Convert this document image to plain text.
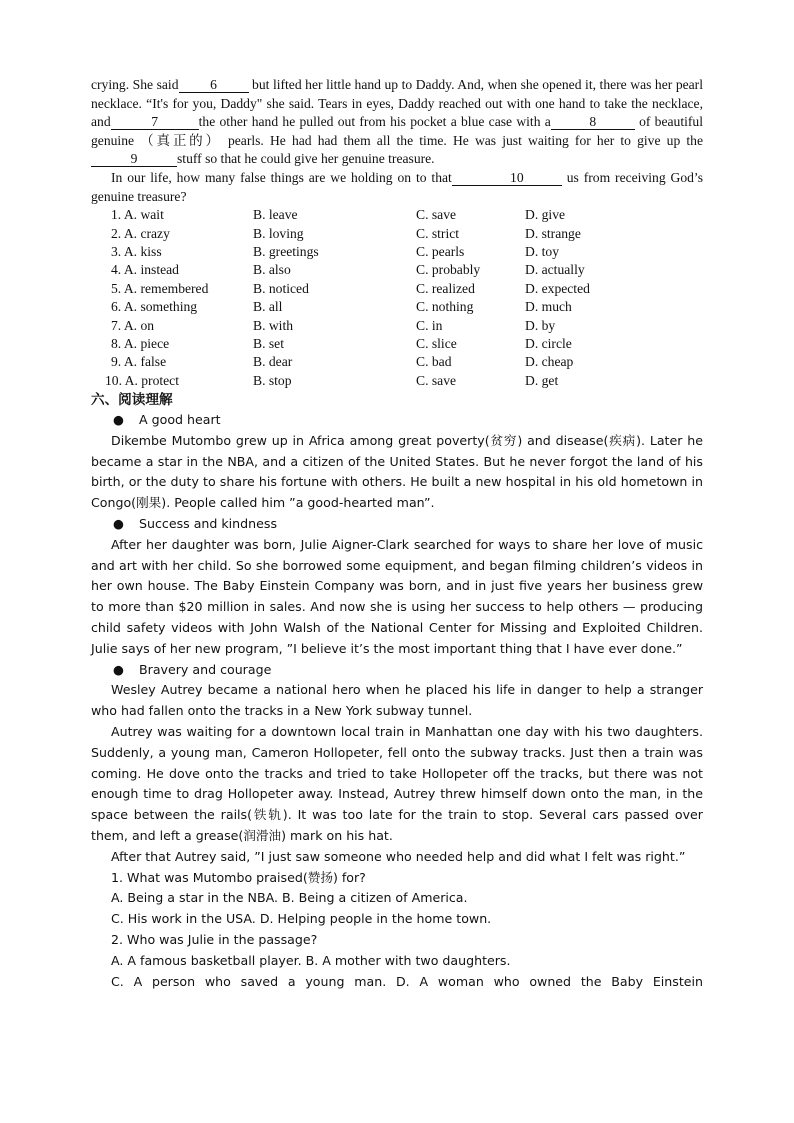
crying. She said 6	but lifted her little hand up to Daddy. And, when she opened it, there was her pearl necklace. “It's for you, Daddy" she said. Tears in eyes, Daddy reached out with one hand to take the necklace, and	7	the other hand he pulled out from his pocket a blue case with a	8	of beautiful genuine （真正的） pearls. He had had them all the time. He was just waiting for her to give up the9	stuff so that he could give her genuine treasure.
In our life, how many false things are we holding on to that	10	us from receiving God’s genuine treasure?
1. A. wait	B. leave	C. save	D. give
2. A. crazy	B. loving	C. strict	D. strange
3. A. kiss	B. greetings	C. pearls	D. toy
4. A. instead	B. also	C. probably	D. actually
5. A. remembered	B. noticed	C. realized	D. expected
6. A. something	B. all	C. nothing	D. much
7. A. on	B. with	C. in	D. by
8. A. piece	B. set	C. slice	D. circle
9. A. false	B. dear	C. bad	D. cheap
10. A. protect	B. stop	C. save	D. get
六、阅读理解
● A good heart
Dikembe Mutombo grew up in Africa among great poverty(贫穷) and disease(疾病). Later he became a star in the NBA, and a citizen of the United States. But he never forgot the land of his birth, or the duty to share his fortune with others. He built a new hospital in his old hometown in Congo(刚果). People called him ”a good-hearted man”.
● Success and kindness
After her daughter was born, Julie Aigner-Clark searched for ways to share her love of music and art with her child. So she borrowed some equipment, and began filming children’s videos in her own house. The Baby Einstein Company was born, and in just five years her business grew to more than $20 million in sales. And now she is using her success to help others — producing child safety videos with John Walsh of the National Center for Missing and Exploited Children. Julie says of her new program, ”I believe it’s the most important thing that I have ever done.”
● Bravery and courage
Wesley Autrey became a national hero when he placed his life in danger to help a stranger who had fallen onto the tracks in a New York subway tunnel.
Autrey was waiting for a downtown local train in Manhattan one day with his two daughters. Suddenly, a young man, Cameron Hollopeter, fell onto the subway tracks. Just then a train was coming. He dove onto the tracks and tried to take Hollopeter off the tracks, but there was not enough time to drag Hollopeter away. Instead, Autrey threw himself down onto the man, in the space between the rails(铁轨). It was too late for the train to stop. Several cars passed over them, and left a grease(润滑油) mark on his hat.
After that Autrey said, ”I just saw someone who needed help and did what I felt was right.”
1. What was Mutombo praised(赞扬) for?
A. Being a star in the NBA. B. Being a citizen of America.
C. His work in the USA. D. Helping people in the home town.
2. Who was Julie in the passage?
A. A famous basketball player. B. A mother with two daughters.
C. A person who saved a young man. D. A woman who owned the Baby Einstein
